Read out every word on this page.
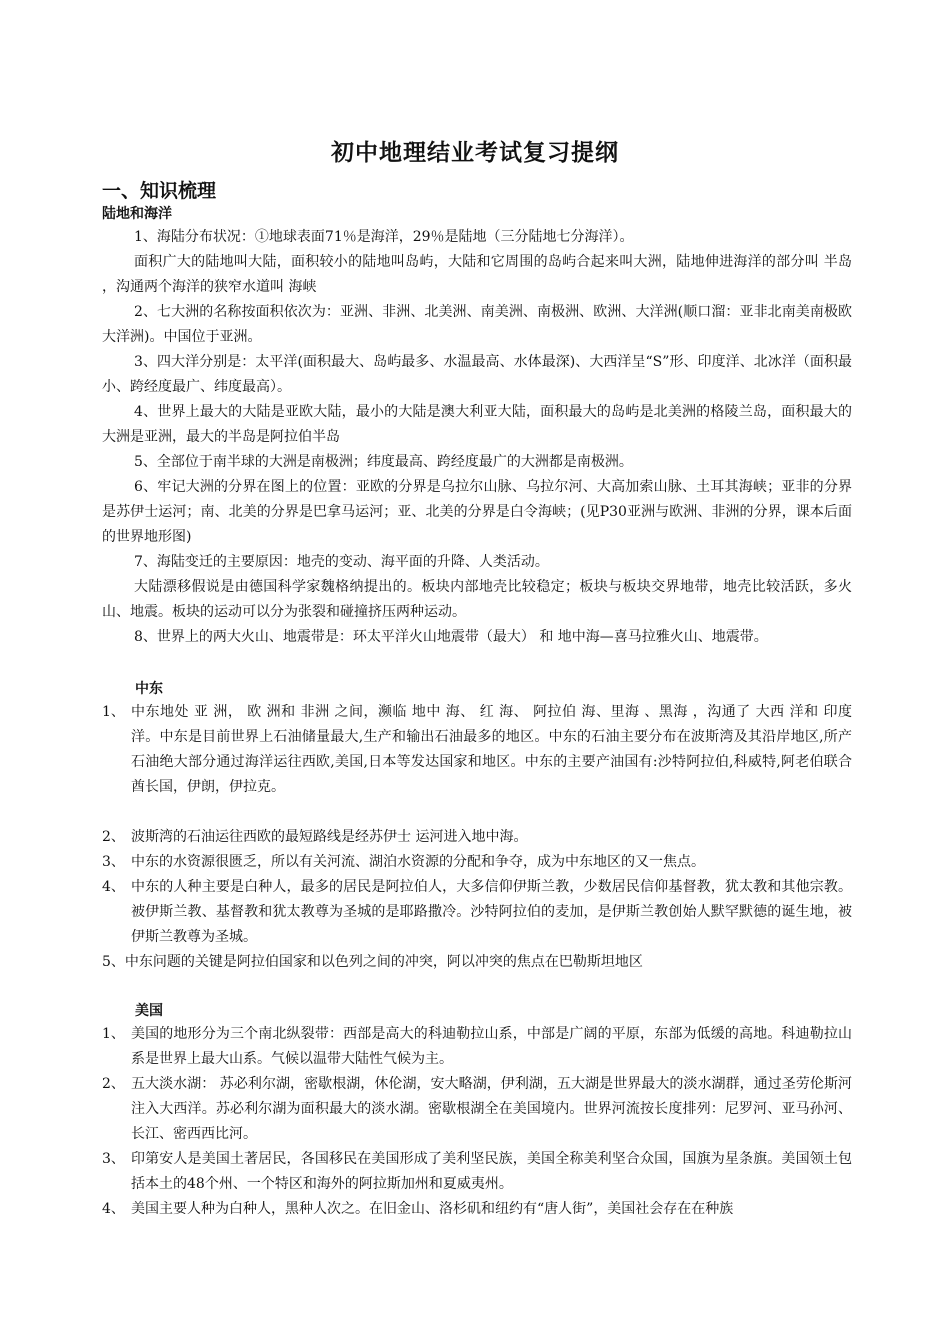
初中地理结业考试复习提纲
一、知识梳理
陆地和海洋
1、海陆分布状况：①地球表面71％是海洋，29％是陆地（三分陆地七分海洋）。
面积广大的陆地叫大陆，面积较小的陆地叫岛屿，大陆和它周围的岛屿合起来叫大洲，陆地伸进海洋的部分叫 半岛 ，沟通两个海洋的狭窄水道叫 海峡
2、七大洲的名称按面积依次为：亚洲、非洲、北美洲、南美洲、南极洲、欧洲、大洋洲(顺口溜：亚非北南美南极欧大洋洲)。中国位于亚洲。
3、四大洋分别是：太平洋(面积最大、岛屿最多、水温最高、水体最深)、大西洋呈“S”形、印度洋、北冰洋（面积最小、跨经度最广、纬度最高）。
4、世界上最大的大陆是亚欧大陆，最小的大陆是澳大利亚大陆，面积最大的岛屿是北美洲的格陵兰岛，面积最大的大洲是亚洲，最大的半岛是阿拉伯半岛
5、全部位于南半球的大洲是南极洲；纬度最高、跨经度最广的大洲都是南极洲。
6、牢记大洲的分界在图上的位置：亚欧的分界是乌拉尔山脉、乌拉尔河、大高加索山脉、土耳其海峡；亚非的分界是苏伊士运河；南、北美的分界是巴拿马运河；亚、北美的分界是白令海峡；(见P30亚洲与欧洲、非洲的分界，课本后面的世界地形图)
7、海陆变迁的主要原因：地壳的变动、海平面的升降、人类活动。
大陆漂移假说是由德国科学家魏格纳提出的。板块内部地壳比较稳定；板块与板块交界地带，地壳比较活跃，多火山、地震。板块的运动可以分为张裂和碰撞挤压两种运动。
8、世界上的两大火山、地震带是：环太平洋火山地震带（最大） 和 地中海—喜马拉雅火山、地震带。
中东
1、 中东地处 亚 洲， 欧 洲和 非洲 之间，濒临 地中 海、 红 海、 阿拉伯 海、里海 、黑海 ，沟通了 大西 洋和 印度 洋。中东是目前世界上石油储量最大,生产和输出石油最多的地区。中东的石油主要分布在波斯湾及其沿岸地区,所产石油绝大部分通过海洋运往西欧,美国,日本等发达国家和地区。中东的主要产油国有:沙特阿拉伯,科威特,阿老伯联合酋长国，伊朗，伊拉克。
2、 波斯湾的石油运往西欧的最短路线是经苏伊士 运河进入地中海。
3、 中东的水资源很匮乏，所以有关河流、湖泊水资源的分配和争夺，成为中东地区的又一焦点。
4、 中东的人种主要是白种人，最多的居民是阿拉伯人，大多信仰伊斯兰教，少数居民信仰基督教，犹太教和其他宗教。被伊斯兰教、基督教和犹太教尊为圣城的是耶路撒冷。沙特阿拉伯的麦加，是伊斯兰教创始人默罕默德的诞生地，被伊斯兰教尊为圣城。
5、中东问题的关键是阿拉伯国家和以色列之间的冲突，阿以冲突的焦点在巴勒斯坦地区
美国
1、 美国的地形分为三个南北纵裂带：西部是高大的科迪勒拉山系，中部是广阔的平原，东部为低缓的高地。科迪勒拉山系是世界上最大山系。气候以温带大陆性气候为主。
2、 五大淡水湖： 苏必利尔湖，密歇根湖，休伦湖，安大略湖，伊利湖，五大湖是世界最大的淡水湖群，通过圣劳伦斯河注入大西洋。苏必利尔湖为面积最大的淡水湖。密歇根湖全在美国境内。世界河流按长度排列：尼罗河、亚马孙河、长江、密西西比河。
3、 印第安人是美国土著居民，各国移民在美国形成了美利坚民族，美国全称美利坚合众国，国旗为星条旗。美国领土包括本土的48个州、一个特区和海外的阿拉斯加州和夏威夷州。
4、 美国主要人种为白种人，黑种人次之。在旧金山、洛杉矶和纽约有“唐人街”，美国社会存在在种族
